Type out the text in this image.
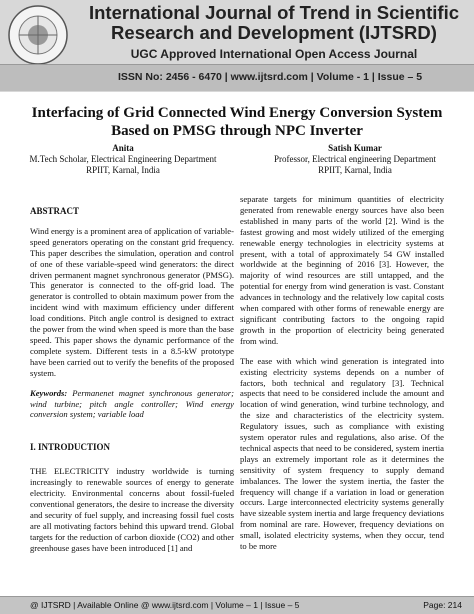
International Journal of Trend in Scientific
Research and Development (IJTSRD)
UGC Approved International Open Access Journal
ISSN No: 2456 - 6470 | www.ijtsrd.com | Volume - 1 | Issue – 5
Interfacing of Grid Connected Wind Energy Conversion System
Based on PMSG through NPC Inverter
Anita
M.Tech Scholar, Electrical Engineering Department
RPIIT, Karnal, India
Satish Kumar
Professor, Electrical engineering Department
RPIIT, Karnal, India

ABSTRACT

Wind energy is a prominent area of application of variable-speed generators operating on the constant grid frequency. This paper describes the simulation, operation and control of one of these variable-speed wind generators: the direct driven permanent magnet synchronous generator (PMSG). This generator is connected to the off-grid load. The generator is controlled to obtain maximum power from the incident wind with maximum efficiency under different load conditions. Pitch angle control is designed to extract the power from the wind when speed is more than the base speed. This paper shows the dynamic performance of the complete system. Different tests in a 8.5-kW prototype have been carried out to verify the benefits of the proposed system.

Keywords: Permanenet magnet synchronous generator; wind turbine; pitch angle controller; Wind energy conversion system; variable load

I. INTRODUCTION

THE ELECTRICITY industry worldwide is turning increasingly to renewable sources of energy to generate electricity. Environmental concerns about fossil-fueled conventional generators, the desire to increase the diversity and security of fuel supply, and increasing fossil fuel costs are all motivating factors behind this upward trend. Global targets for the reduction of carbon dioxide (CO2) and other greenhouse gases have been introduced [1] and

separate targets for minimum quantities of electricity generated from renewable energy sources have also been established in many parts of the world [2]. Wind is the fastest growing and most widely utilized of the emerging renewable energy technologies in electricity systems at present, with a total of approximately 54 GW installed worldwide at the beginning of 2016 [3]. However, the majority of wind resources are still untapped, and the potential for energy from wind generation is vast. Constant advances in technology and the relatively low capital costs when compared with other forms of renewable energy are significant contributing factors to the ongoing rapid growth in the proportion of electricity being generated from wind.

The ease with which wind generation is integrated into existing electricity systems depends on a number of factors, both technical and regulatory [3]. Technical aspects that need to be considered include the amount and location of wind generation, wind turbine technology, and the size and characteristics of the electricity system. Regulatory issues, such as compliance with existing system operator rules and regulations, also arise. Of the technical aspects that need to be considered, system inertia plays an extremely important role as it determines the sensitivity of system frequency to supply demand imbalances. The lower the system inertia, the faster the frequency will change if a variation in load or generation occurs. Large interconnected electricity systems generally have sizeable system inertia and large frequency deviations from nominal are rare. However, frequency deviations on small, isolated electricity systems, when they occur, tend to be more

@ IJTSRD | Available Online @ www.ijtsrd.com | Volume – 1 | Issue – 5	Page: 214
